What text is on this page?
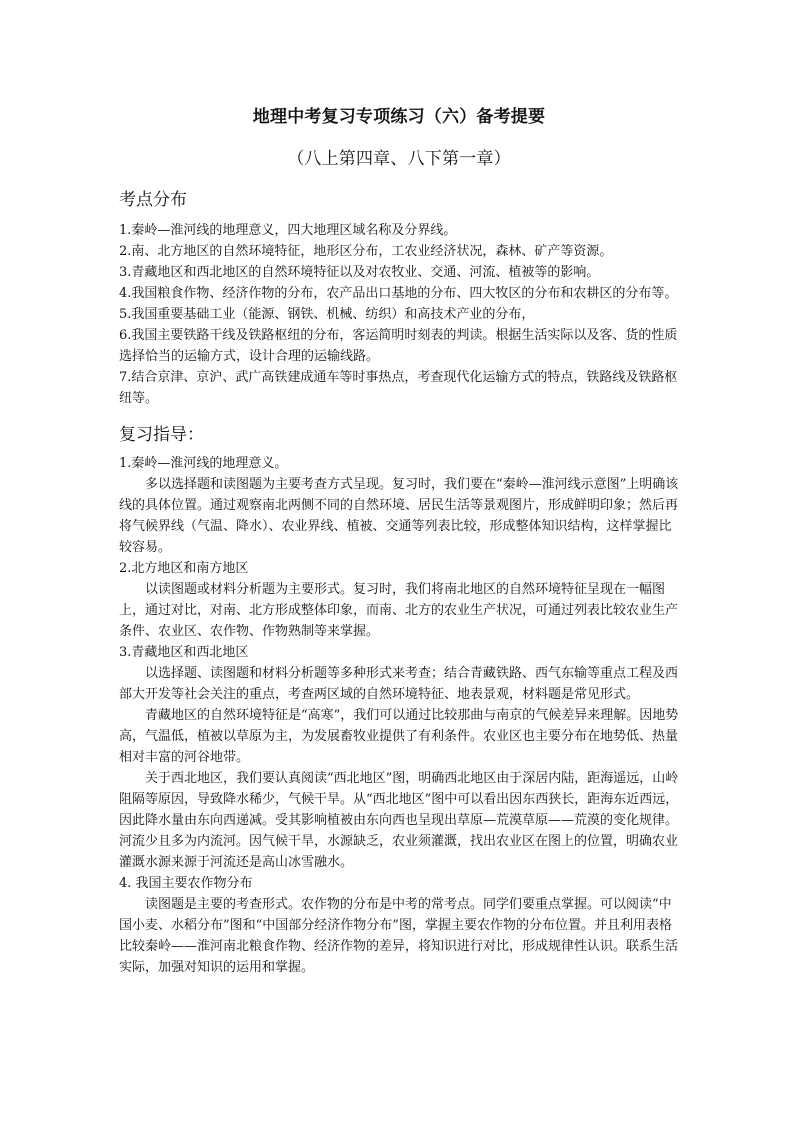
地理中考复习专项练习（六）备考提要

（八上第四章、八下第一章）

考点分布

1.秦岭—淮河线的地理意义，四大地理区域名称及分界线。

2.南、北方地区的自然环境特征，地形区分布，工农业经济状况，森林、矿产等资源。

3.青藏地区和西北地区的自然环境特征以及对农牧业、交通、河流、植被等的影响。

4.我国粮食作物、经济作物的分布，农产品出口基地的分布、四大牧区的分布和农耕区的分布等。

5.我国重要基础工业（能源、钢铁、机械、纺织）和高技术产业的分布，

6.我国主要铁路干线及铁路枢纽的分布，客运简明时刻表的判读。根据生活实际以及客、货的性质选择恰当的运输方式，设计合理的运输线路。

7.结合京津、京沪、武广高铁建成通车等时事热点，考查现代化运输方式的特点，铁路线及铁路枢纽等。

复习指导：

1.秦岭—淮河线的地理意义。

多以选择题和读图题为主要考查方式呈现。复习时，我们要在“秦岭—淮河线示意图”上明确该线的具体位置。通过观察南北两侧不同的自然环境、居民生活等景观图片，形成鲜明印象；然后再将气候界线（气温、降水）、农业界线、植被、交通等列表比较，形成整体知识结构，这样掌握比较容易。

2.北方地区和南方地区

以读图题或材料分析题为主要形式。复习时，我们将南北地区的自然环境特征呈现在一幅图上，通过对比，对南、北方形成整体印象，而南、北方的农业生产状况，可通过列表比较农业生产条件、农业区、农作物、作物熟制等来掌握。

3.青藏地区和西北地区

以选择题、读图题和材料分析题等多种形式来考查；结合青藏铁路、西气东输等重点工程及西部大开发等社会关注的重点，考查两区域的自然环境特征、地表景观，材料题是常见形式。

青藏地区的自然环境特征是“高寒”，我们可以通过比较那曲与南京的气候差异来理解。因地势高，气温低，植被以草原为主，为发展畜牧业提供了有利条件。农业区也主要分布在地势低、热量相对丰富的河谷地带。

关于西北地区，我们要认真阅读“西北地区”图，明确西北地区由于深居内陆，距海遥远，山岭阻隔等原因，导致降水稀少，气候干旱。从“西北地区”图中可以看出因东西狭长，距海东近西远，因此降水量由东向西递减。受其影响植被由东向西也呈现出草原—荒漠草原——荒漠的变化规律。河流少且多为内流河。因气候干旱，水源缺乏，农业须灌溉，找出农业区在图上的位置，明确农业灌溉水源来源于河流还是高山冰雪融水。

4. 我国主要农作物分布

读图题是主要的考查形式。农作物的分布是中考的常考点。同学们要重点掌握。可以阅读“中国小麦、水稻分布”图和“中国部分经济作物分布”图，掌握主要农作物的分布位置。并且利用表格比较秦岭——淮河南北粮食作物、经济作物的差异，将知识进行对比，形成规律性认识。联系生活实际，加强对知识的运用和掌握。
